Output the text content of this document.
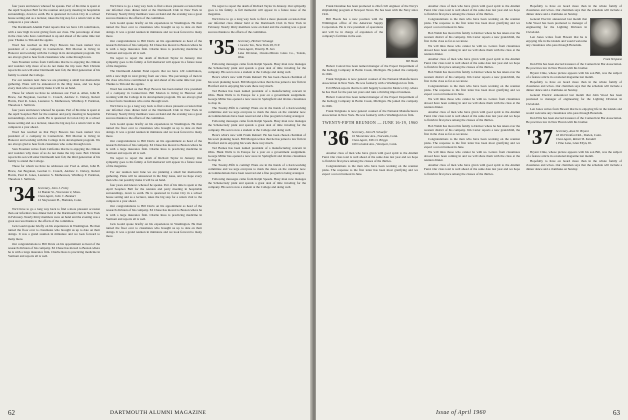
four years and knows whereof he speaks. Part of his time is spent at the April Soapbox Ball for the reunion and party meeting in hospitable surroundings, down to earth. He is quartered in Colon City in a school house setting and as a lecturer, takes the big step for a return visit to the campus in a year ahead.

The Dartmouth Alumni Fund reports that we have 129 contributors, with a new high in total giving from our class. The percentage of men in the class who have contributed is up and ahead of the same time last year. Thanks to Tim and the agents.

Word has reached us that Hoyt Bowers has been named vice president of a company in Connecticut. Bill Morton is living in Hanover and working with the College in its development program. We are always glad to hear from classmates who come through town.

Stan Freeman writes from California that he is enjoying the climate and wonders why more of us do not make the trip west. Bob Christie reports his son will enter Dartmouth next fall, the third generation of his family to attend the College.

For our reunion next June we are planning a small but memorable gathering. Plans will be announced in the May issue, and we hope every man who can possibly make it will be on hand.

Those for whom we have no addresses are: Fred A. Allen, John B. Brace, Jon Bogdeon, Gordon C. Crouch, Andrew C. Delory, Robert Harris, Paul R. Jones, Laurence S. Mathewson, Winthrop F. Purinton, Theodore J. Sullivan.

four years and knows whereof he speaks. Part of his time is spent at the April Soapbox Ball for the reunion and party meeting in hospitable surroundings, down to earth. He is quartered in Colon City in a school house setting and as a lecturer, takes the big step for a return visit to the campus in a year ahead.

Word has reached us that Hoyt Bowers has been named vice president of a company in Connecticut. Bill Morton is living in Hanover and working with the College in its development program. We are always glad to hear from classmates who come through town.

Stan Freeman writes from California that he is enjoying the climate and wonders why more of us do not make the trip west. Bob Christie reports his son will enter Dartmouth next fall, the third generation of his family to attend the College.

Those for whom we have no addresses are: Fred A. Allen, John B. Brace, Jon Bogdeon, Gordon C. Crouch, Andrew C. Delory, Robert Harris, Paul R. Jones, Laurence S. Mathewson, Winthrop F. Purinton, Theodore J. Sullivan.

'34 Secretary, John J. Foley
12 Bonair St., Worcester 2, Mass.
Class Agent, John C. Bankart
12 Stuyvesant Pl., Hamden, Conn.

We'd have to go a long way back to find a more pleasant occasion than our informal class dinner held at the Dartmouth Club in New York in February. Nearly thirty members were on hand and the evening was a great success thanks to the efforts of the committee.

Jack Gould spoke briefly on his experiences in Washington. He then turned the floor over to classmates who brought us up to date on their doings. It was a grand reunion in miniature and we look forward to many more.

Our congratulations to Bill Davis on his appointment as head of the research division of his company. Ed Chase has moved to Boston where he is with a large insurance firm. Charlie Ross is practicing medicine in Vermont and reports all is well.

We'd have to go a long way back to find a more pleasant occasion than our informal class dinner held at the Dartmouth Club in New York in February. Nearly thirty members were on hand and the evening was a great success thanks to the efforts of the committee.

Jack Gould spoke briefly on his experiences in Washington. He then turned the floor over to classmates who brought us up to date on their doings. It was a grand reunion in miniature and we look forward to many more.

Our congratulations to Bill Davis on his appointment as head of the research division of his company. Ed Chase has moved to Boston where he is with a large insurance firm. Charlie Ross is practicing medicine in Vermont and reports all is well.

We regret to report the death of Richard Taylor in January. Our sympathy goes to his family. A full memorial will appear in a future issue of the magazine.

The Dartmouth Alumni Fund reports that we have 129 contributors, with a new high in total giving from our class. The percentage of men in the class who have contributed is up and ahead of the same time last year. Thanks to Tim and the agents.

Word has reached us that Hoyt Bowers has been named vice president of a company in Connecticut. Bill Morton is living in Hanover and working with the College in its development program. We are always glad to hear from classmates who come through town.

We'd have to go a long way back to find a more pleasant occasion than our informal class dinner held at the Dartmouth Club in New York in February. Nearly thirty members were on hand and the evening was a great success thanks to the efforts of the committee.

Jack Gould spoke briefly on his experiences in Washington. He then turned the floor over to classmates who brought us up to date on their doings. It was a grand reunion in miniature and we look forward to many more.

Our congratulations to Bill Davis on his appointment as head of the research division of his company. Ed Chase has moved to Boston where he is with a large insurance firm. Charlie Ross is practicing medicine in Vermont and reports all is well.

We regret to report the death of Richard Taylor in January. Our sympathy goes to his family. A full memorial will appear in a future issue of the magazine.

For our reunion next June we are planning a small but memorable gathering. Plans will be announced in the May issue, and we hope every man who can possibly make it will be on hand.

four years and knows whereof he speaks. Part of his time is spent at the April Soapbox Ball for the reunion and party meeting in hospitable surroundings, down to earth. He is quartered in Colon City in a school house setting and as a lecturer, takes the big step for a return visit to the campus in a year ahead.

Our congratulations to Bill Davis on his appointment as head of the research division of his company. Ed Chase has moved to Boston where he is with a large insurance firm. Charlie Ross is practicing medicine in Vermont and reports all is well.

Jack Gould spoke briefly on his experiences in Washington. He then turned the floor over to classmates who brought us up to date on their doings. It was a grand reunion in miniature and we look forward to many more.

We regret to report the death of Richard Taylor in January. Our sympathy goes to his family. A full memorial will appear in a future issue of the magazine.

We'd have to go a long way back to find a more pleasant occasion than our informal class dinner held at the Dartmouth Club in New York in February. Nearly thirty members were on hand and the evening was a great success thanks to the efforts of the committee.

'35 Secretary, Herbert Schaupp
1 Gracie Ter., New York 28, N.Y.
Class Agent, Timothy H. Ives
Lake Division, Owens-Illinois Glass Co., Toledo, Ohio

Following messages came from Ralph Speeds. Busy man now manages the Schenectady plant and spends a great deal of time traveling for the company. His son is now a student at the College and doing well.

Here's what's new with Frank Reinert: He has been chosen chairman of his town planning board. Bill Morgan writes that he has joined a law firm in Hartford and is enjoying his work there very much.

Ted Barnes has been named president of a manufacturing concern in Ohio. Hank Wells is in Europe for a year on a government assignment. George Miller has opened a new store in Springfield and invites classmates to drop in.

The Twenty-Fifth is coming! Plans are in the hands of a hard-working committee and we urge everyone to mark the dates on the calendar now. Accommodations have been reserved and a fine program is being arranged.

Following messages came from Ralph Speeds. Busy man now manages the Schenectady plant and spends a great deal of time traveling for the company. His son is now a student at the College and doing well.

Here's what's new with Frank Reinert: He has been chosen chairman of his town planning board. Bill Morgan writes that he has joined a law firm in Hartford and is enjoying his work there very much.

Ted Barnes has been named president of a manufacturing concern in Ohio. Hank Wells is in Europe for a year on a government assignment. George Miller has opened a new store in Springfield and invites classmates to drop in.

The Twenty-Fifth is coming! Plans are in the hands of a hard-working committee and we urge everyone to mark the dates on the calendar now. Accommodations have been reserved and a fine program is being arranged.

Following messages came from Ralph Speeds. Busy man now manages the Schenectady plant and spends a great deal of time traveling for the company. His son is now a student at the College and doing well.

62	DARTMOUTH ALUMNI MAGAZINE

Frank Donahue has been promoted to chief civil engineer of the Navy's shipbuilding program at Newport News. He has been with the Navy since 1941.

Bill Hoods has a new position with the Wilmington office of the American Supply Corporation. He is vice president of operations and will be in charge of expansion of the company's facilities in the east.

Bill Hoods

Hubert Conrad has been named manager of the Export Department of the Kellogg Company in Battle Creek, Michigan. He joined the company in 1946.

Frank Sirignano is now general counsel of the National Manufacturers Association in New York. He was formerly with a Washington law firm.

Ed O'Brien reports that he is still happily located in Mexico City, where he has lived for the past ten years and runs a thriving import business.

Hubert Conrad has been named manager of the Export Department of the Kellogg Company in Battle Creek, Michigan. He joined the company in 1946.

Frank Sirignano is now general counsel of the National Manufacturers Association in New York. He was formerly with a Washington law firm.

TWENTY-FIFTH REUNION — JUNE 16-19, 1960
'36 Secretary, John H. Schaefer
16 Shoreview Ave., Norwalk, Conn.
Class Agent, Ellis O. Briggs
169 Colonial Ave., Westport, Conn.

Another class of men who have given with good spirit to the Alumni Fund. Our class total is well ahead of the same date last year and we hope to finish in first place among the classes of the thirties.

Congratulations to the men who have been working on the reunion plans. The response to the first letter has been most gratifying and we expect a record turnout in June.

Another class of men who have given with good spirit to the Alumni Fund. Our class total is well ahead of the same date last year and we hope to finish in first place among the classes of the thirties.

Congratulations to the men who have been working on the reunion plans. The response to the first letter has been most gratifying and we expect a record turnout in June.

Bob Walsh has moved his family to Denver where he has taken over the western district of his company. Jim Carter reports a new grandchild, the first in the class as far as we know.

We will miss those who cannot be with us. Letters from classmates abroad have been coming in and we will share them with the class at the reunion dinner.

Another class of men who have given with good spirit to the Alumni Fund. Our class total is well ahead of the same date last year and we hope to finish in first place among the classes of the thirties.

Bob Walsh has moved his family to Denver where he has taken over the western district of his company. Jim Carter reports a new grandchild, the first in the class as far as we know.

Congratulations to the men who have been working on the reunion plans. The response to the first letter has been most gratifying and we expect a record turnout in June.

We will miss those who cannot be with us. Letters from classmates abroad have been coming in and we will share them with the class at the reunion dinner.

Another class of men who have given with good spirit to the Alumni Fund. Our class total is well ahead of the same date last year and we hope to finish in first place among the classes of the thirties.

Bob Walsh has moved his family to Denver where he has taken over the western district of his company. Jim Carter reports a new grandchild, the first in the class as far as we know.

Congratulations to the men who have been working on the reunion plans. The response to the first letter has been most gratifying and we expect a record turnout in June.

We will miss those who cannot be with us. Letters from classmates abroad have been coming in and we will share them with the class at the reunion dinner.

Another class of men who have given with good spirit to the Alumni Fund. Our class total is well ahead of the same date last year and we hope to finish in first place among the classes of the thirties.

Hopefully to have on board more than in the whole family of classmates and wives. Our chairman says that the schedule will include a dinner dance and a clambake on Sunday.

General Electric announced last month that John Wood has been promoted to manager of engineering for the Lighting Division in Cleveland.

Len Jones writes from Hawaii that he is enjoying life in the islands and would welcome any classmates who pass through Honolulu.

Frank Sirignano

Don Ellis has been elected treasurer of the Connecticut Bar Association. He practices law in New Haven with his brother.

Bryant Cline, whose picture appears with his son Bill, was the subject of a feature article in a national magazine last month.

Hopefully to have on board more than in the whole family of classmates and wives. Our chairman says that the schedule will include a dinner dance and a clambake on Sunday.

General Electric announced last month that John Wood has been promoted to manager of engineering for the Lighting Division in Cleveland.

Len Jones writes from Hawaii that he is enjoying life in the islands and would welcome any classmates who pass through Honolulu.

Don Ellis has been elected treasurer of the Connecticut Bar Association. He practices law in New Haven with his brother.

'37 Secretary, Alan W. Bryant
43 Old Stratford Rd., Darien, Conn.
Class Agent, Robert B. Kendall
1 Pine Lane, Glen Ellyn, Ill.

Bryant Cline, whose picture appears with his son Bill, was the subject of a feature article in a national magazine last month.

Hopefully to have on board more than in the whole family of classmates and wives. Our chairman says that the schedule will include a dinner dance and a clambake on Sunday.

Issue of April 1960	63
